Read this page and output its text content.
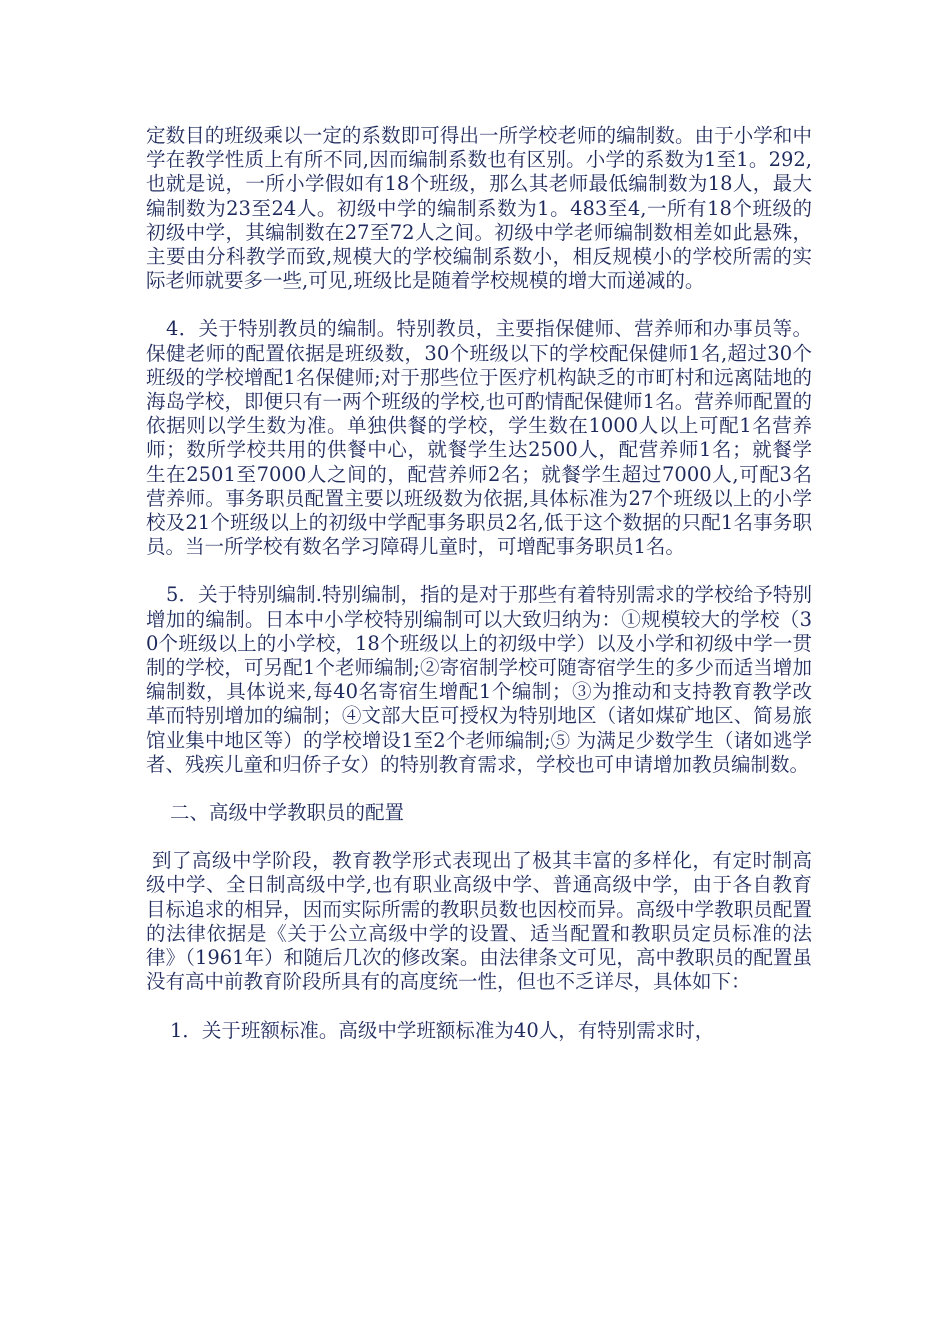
定数目的班级乘以一定的系数即可得出一所学校老师的编制数。由于小学和中学在教学性质上有所不同,因而编制系数也有区别。小学的系数为1至1。292,也就是说，一所小学假如有18个班级，那么其老师最低编制数为18人，最大编制数为23至24人。初级中学的编制系数为1。483至4,一所有18个班级的初级中学，其编制数在27至72人之间。初级中学老师编制数相差如此悬殊，主要由分科教学而致,规模大的学校编制系数小，相反规模小的学校所需的实际老师就要多一些,可见,班级比是随着学校规模的增大而递减的。

4．关于特别教员的编制。特别教员，主要指保健师、营养师和办事员等。保健老师的配置依据是班级数，30个班级以下的学校配保健师1名,超过30个班级的学校增配1名保健师;对于那些位于医疗机构缺乏的市町村和远离陆地的海岛学校，即便只有一两个班级的学校,也可酌情配保健师1名。营养师配置的依据则以学生数为准。单独供餐的学校，学生数在1000人以上可配1名营养师；数所学校共用的供餐中心，就餐学生达2500人，配营养师1名；就餐学生在2501至7000人之间的，配营养师2名；就餐学生超过7000人,可配3名营养师。事务职员配置主要以班级数为依据,具体标准为27个班级以上的小学校及21个班级以上的初级中学配事务职员2名,低于这个数据的只配1名事务职员。当一所学校有数名学习障碍儿童时，可增配事务职员1名。

5．关于特别编制.特别编制，指的是对于那些有着特别需求的学校给予特别增加的编制。日本中小学校特别编制可以大致归纳为：①规模较大的学校（30个班级以上的小学校，18个班级以上的初级中学）以及小学和初级中学一贯制的学校，可另配1个老师编制;②寄宿制学校可随寄宿学生的多少而适当增加编制数，具体说来,每40名寄宿生增配1个编制；③为推动和支持教育教学改革而特别增加的编制；④文部大臣可授权为特别地区（诸如煤矿地区、简易旅馆业集中地区等）的学校增设1至2个老师编制;⑤ 为满足少数学生（诸如逃学者、残疾儿童和归侨子女）的特别教育需求，学校也可申请增加教员编制数。

二、高级中学教职员的配置

到了高级中学阶段，教育教学形式表现出了极其丰富的多样化，有定时制高级中学、全日制高级中学,也有职业高级中学、普通高级中学，由于各自教育目标追求的相异，因而实际所需的教职员数也因校而异。高级中学教职员配置的法律依据是《关于公立高级中学的设置、适当配置和教职员定员标准的法律》（1961年）和随后几次的修改案。由法律条文可见，高中教职员的配置虽没有高中前教育阶段所具有的高度统一性，但也不乏详尽，具体如下：

1．关于班额标准。高级中学班额标准为40人，有特别需求时，
